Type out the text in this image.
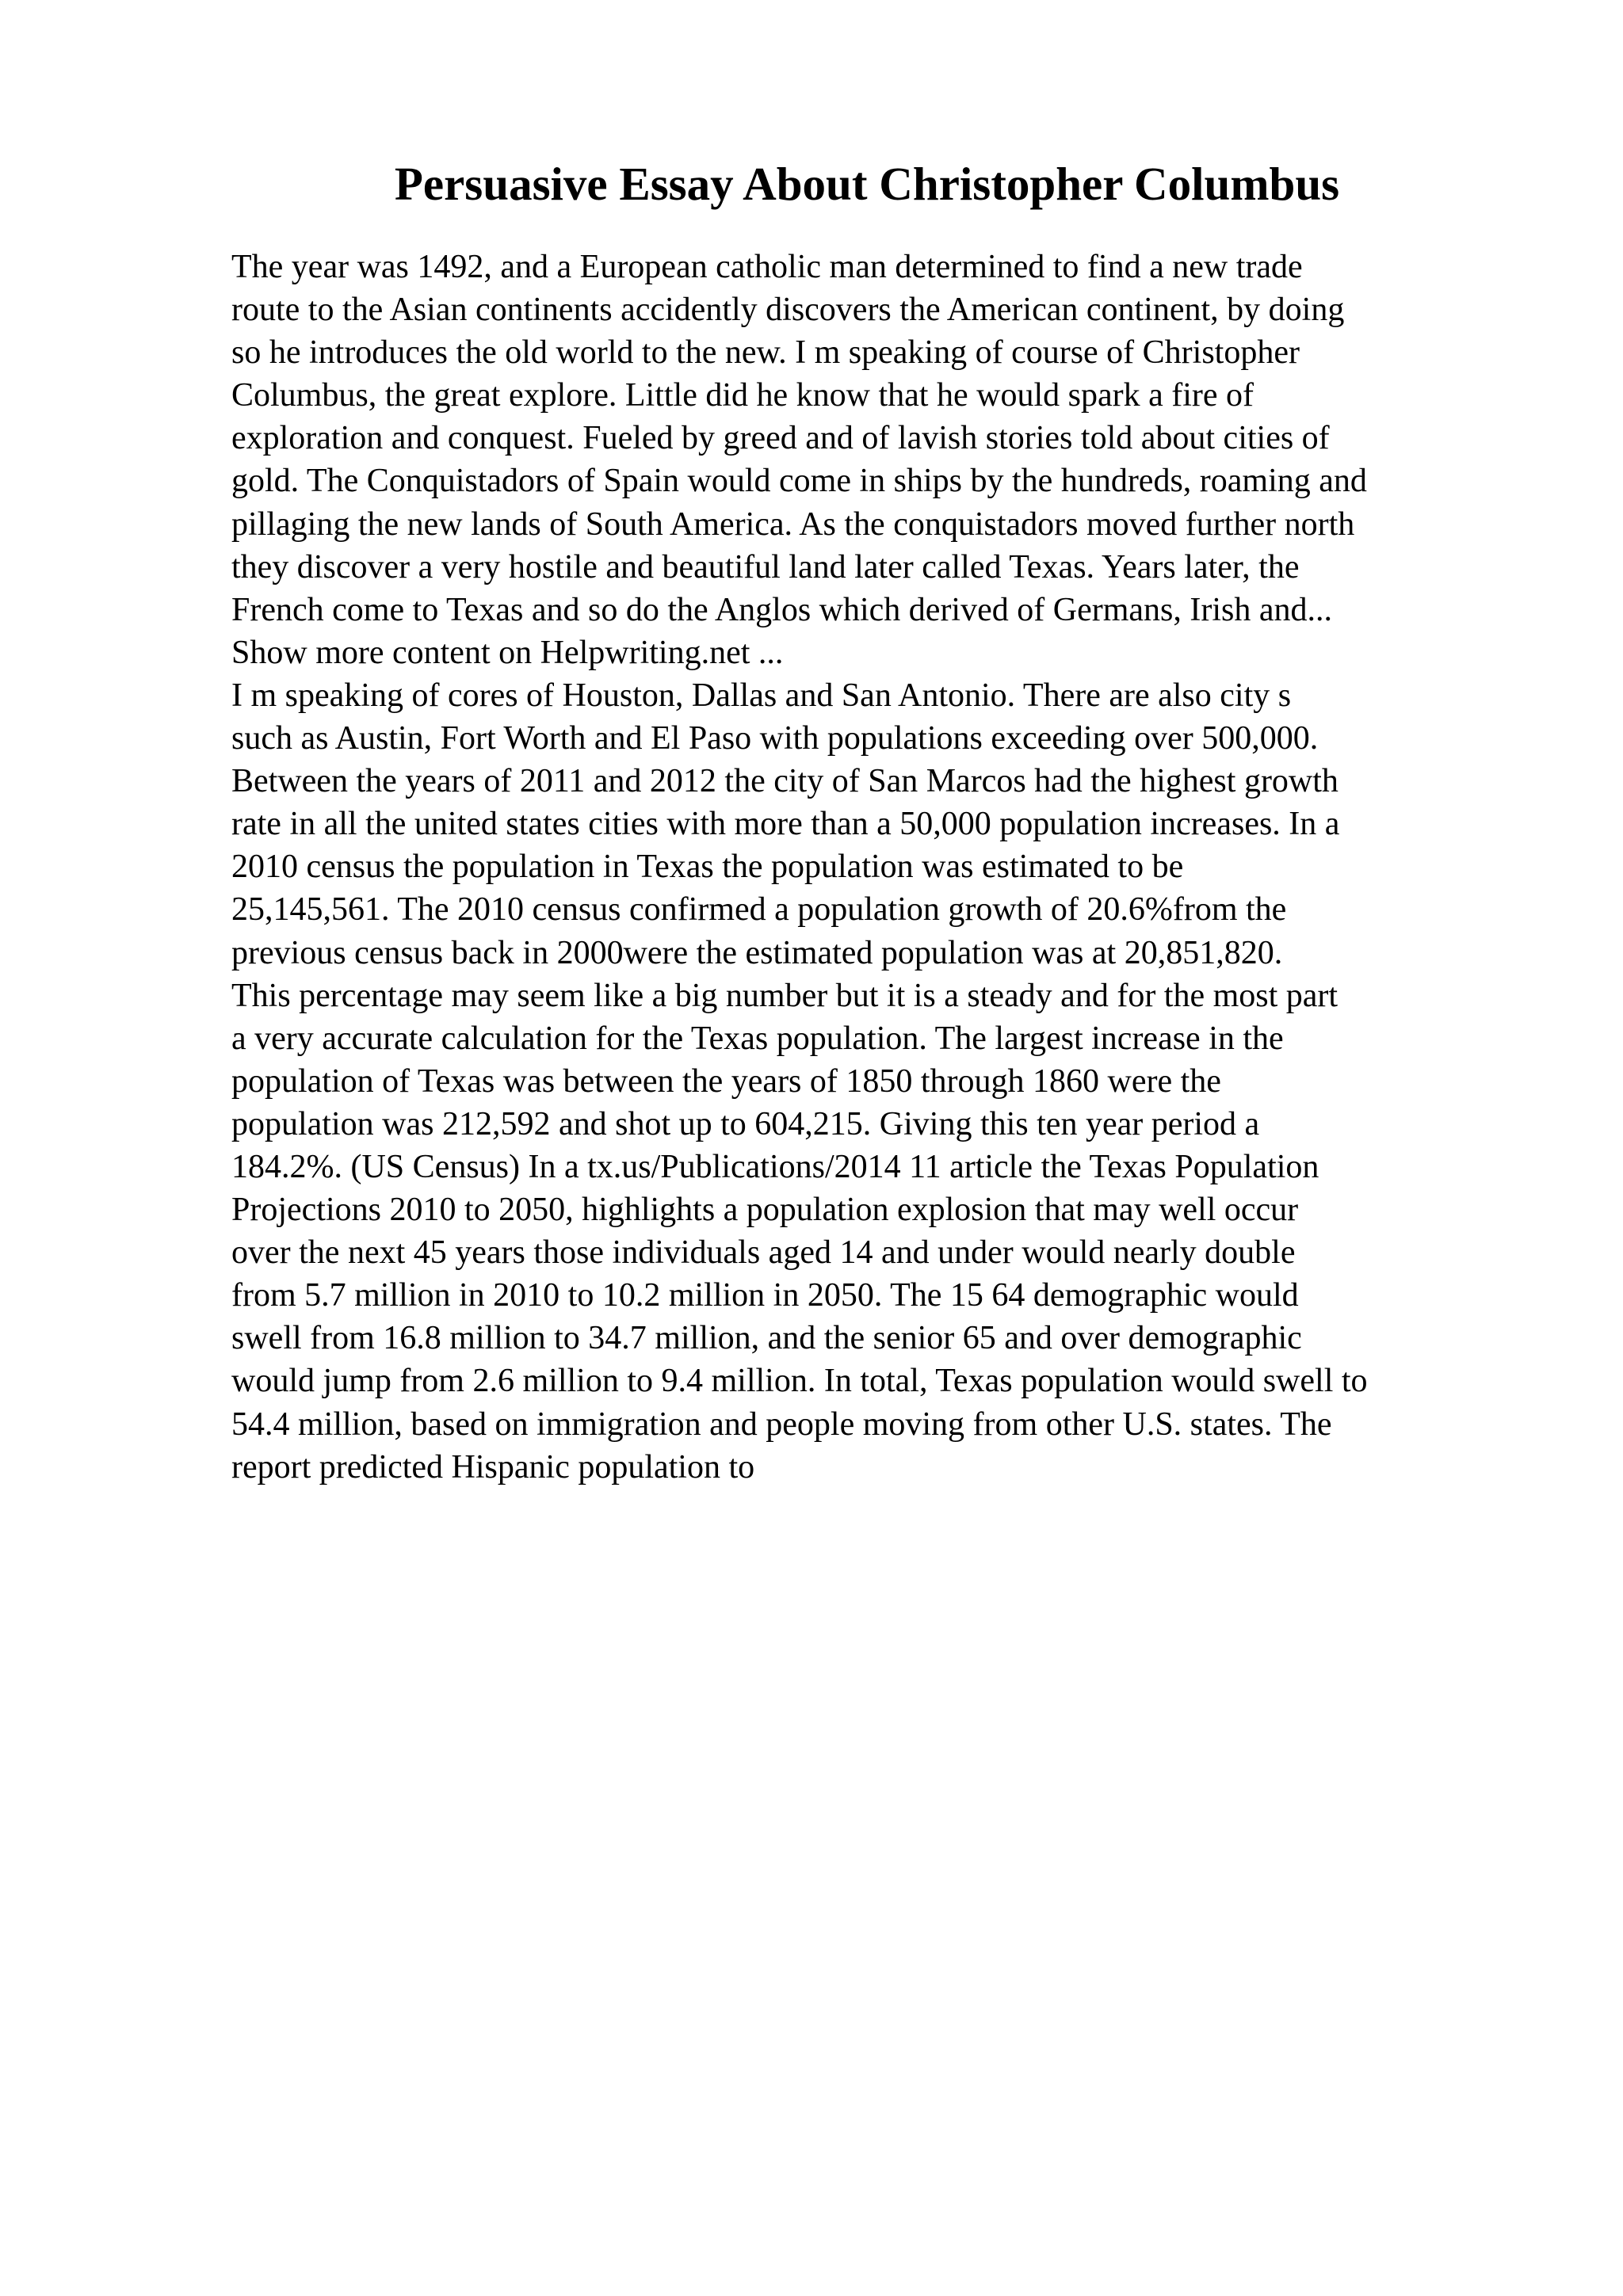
Persuasive Essay About Christopher Columbus
The year was 1492, and a European catholic man determined to find a new trade
route to the Asian continents accidently discovers the American continent, by doing
so he introduces the old world to the new. I m speaking of course of Christopher
Columbus, the great explore. Little did he know that he would spark a fire of
exploration and conquest. Fueled by greed and of lavish stories told about cities of
gold. The Conquistadors of Spain would come in ships by the hundreds, roaming and
pillaging the new lands of South America. As the conquistadors moved further north
they discover a very hostile and beautiful land later called Texas. Years later, the
French come to Texas and so do the Anglos which derived of Germans, Irish and...
Show more content on Helpwriting.net ...
I m speaking of cores of Houston, Dallas and San Antonio. There are also city s
such as Austin, Fort Worth and El Paso with populations exceeding over 500,000.
Between the years of 2011 and 2012 the city of San Marcos had the highest growth
rate in all the united states cities with more than a 50,000 population increases. In a
2010 census the population in Texas the population was estimated to be
25,145,561. The 2010 census confirmed a population growth of 20.6%from the
previous census back in 2000were the estimated population was at 20,851,820.
This percentage may seem like a big number but it is a steady and for the most part
a very accurate calculation for the Texas population. The largest increase in the
population of Texas was between the years of 1850 through 1860 were the
population was 212,592 and shot up to 604,215. Giving this ten year period a
184.2%. (US Census) In a tx.us/Publications/2014 11 article the Texas Population
Projections 2010 to 2050, highlights a population explosion that may well occur
over the next 45 years those individuals aged 14 and under would nearly double
from 5.7 million in 2010 to 10.2 million in 2050. The 15 64 demographic would
swell from 16.8 million to 34.7 million, and the senior 65 and over demographic
would jump from 2.6 million to 9.4 million. In total, Texas population would swell to
54.4 million, based on immigration and people moving from other U.S. states. The
report predicted Hispanic population to
